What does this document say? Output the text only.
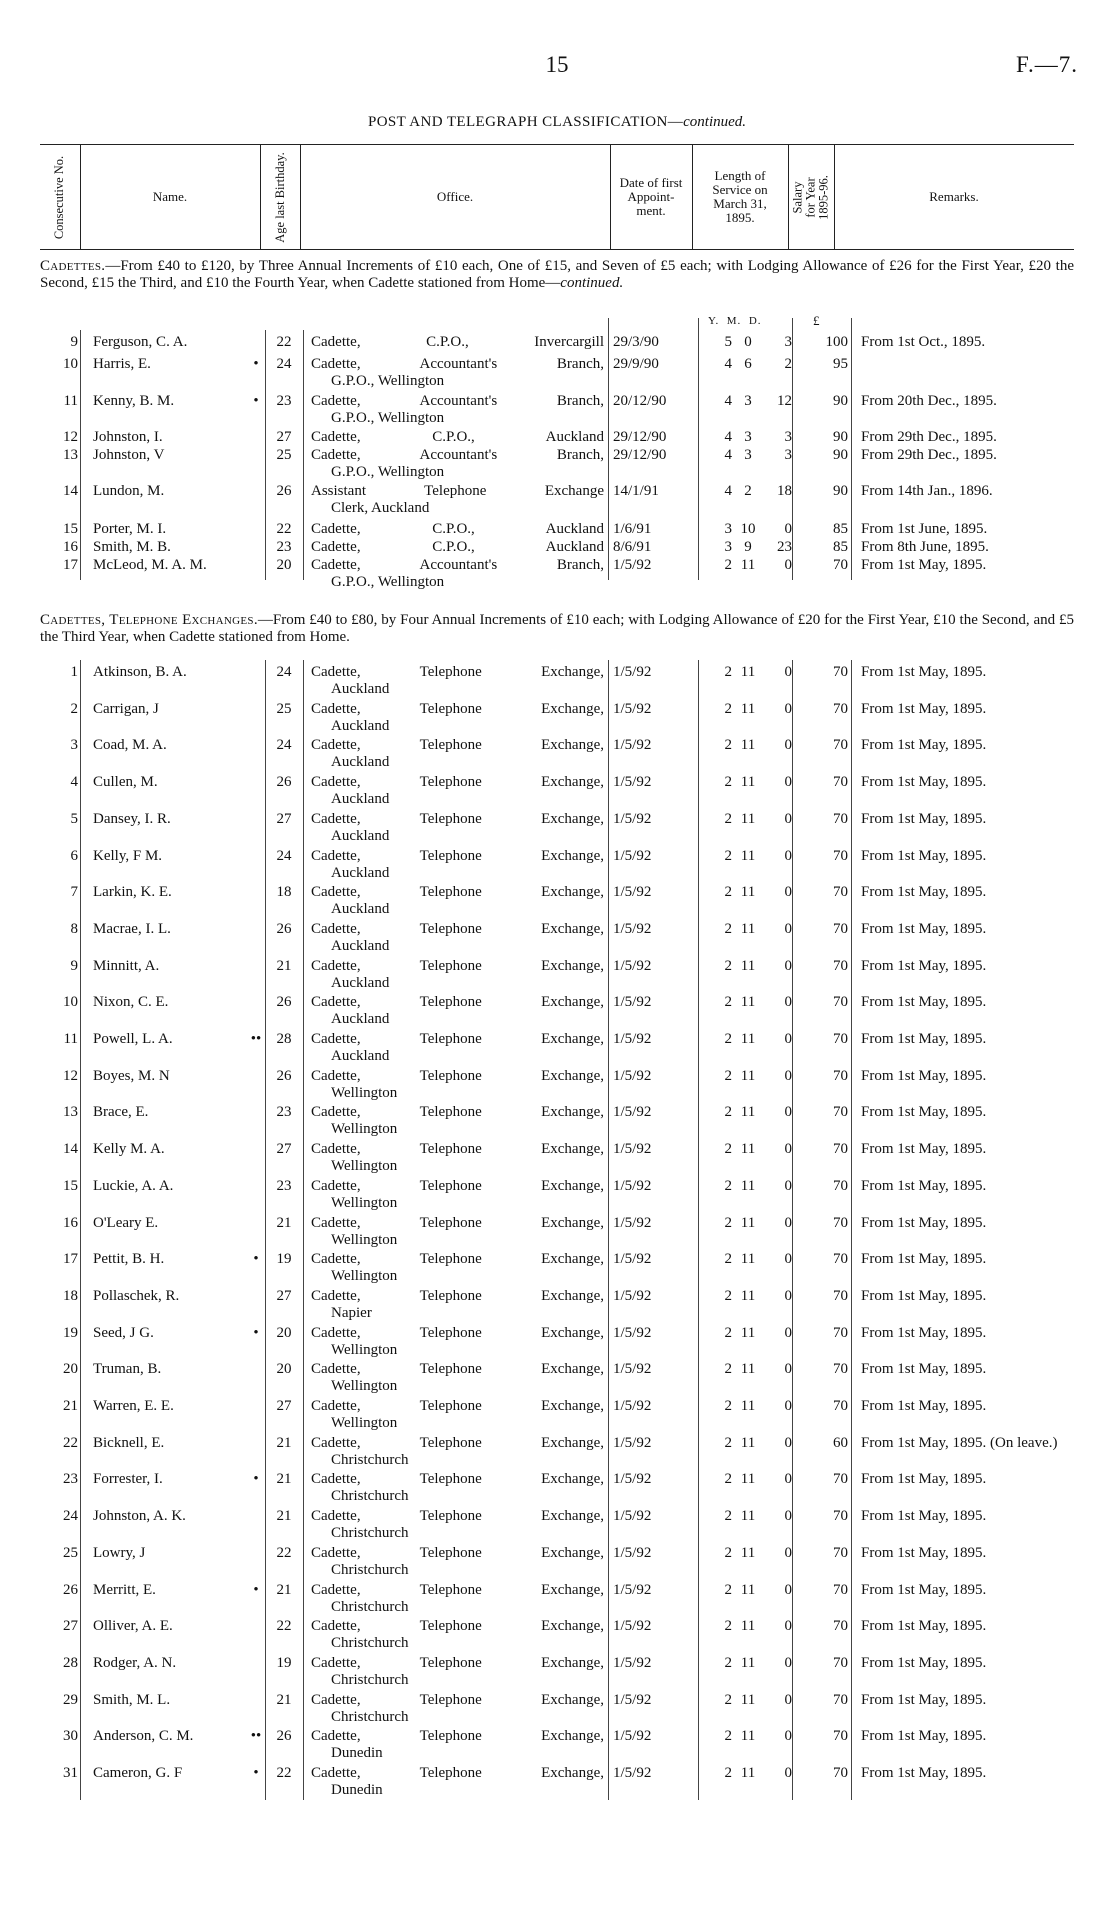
15	F.—7.
POST AND TELEGRAPH CLASSIFICATION—continued.
Consecutive No.	Name.	Age last Birthday.	Office.
Date of first Appoint-ment.
Length of Service on March 31, 1895.
Salary for Year 1895-96.	Remarks.
Cadettes.—From £40 to £120, by Three Annual Increments of £10 each, One of £15, and Seven of £5 each; with Lodging Allowance of £26 for the First Year, £20 the Second, £15 the Third, and £10 the Fourth Year, when Cadette stationed from Home—continued.
Y. M. D.	£
9 Ferguson, C. A.	22	Cadette, C.P.O., Invercargill 29/3/90	5 0	3	100 From 1st Oct., 1895.
10 Harris, E.	•	24	Cadette, Accountant's Branch, 29/9/90	4 6	2	95
G.P.O., Wellington
11 Kenny, B. M.	•	23	Cadette, Accountant's Branch, 20/12/90	4 3	12	90 From 20th Dec., 1895.
G.P.O., Wellington
12 Johnston, I.	27	Cadette, C.P.O., Auckland 29/12/90	4 3	3	90 From 29th Dec., 1895.
13 Johnston, V	25	Cadette, Accountant's Branch, 29/12/90	4 3	3	90 From 29th Dec., 1895.
G.P.O., Wellington
14 Lundon, M.	26	Assistant Telephone Exchange 14/1/91	4 2	18	90 From 14th Jan., 1896.
Clerk, Auckland
15 Porter, M. I.	22	Cadette, C.P.O., Auckland 1/6/91	3 10	0	85 From 1st June, 1895.
16 Smith, M. B.	23	Cadette, C.P.O., Auckland 8/6/91	3 9	23	85 From 8th June, 1895.
17 McLeod, M. A. M.	20	Cadette, Accountant's Branch, 1/5/92	2 11	0	70 From 1st May, 1895.
G.P.O., Wellington
Cadettes, Telephone Exchanges.—From £40 to £80, by Four Annual Increments of £10 each; with Lodging Allowance of £20 for the First Year, £10 the Second, and £5 the Third Year, when Cadette stationed from Home.
1 Atkinson, B. A.	24	Cadette, Telephone Exchange, 1/5/92	2 11	0	70 From 1st May, 1895.
Auckland
2 Carrigan, J	25	Cadette, Telephone Exchange, 1/5/92	2 11	0	70 From 1st May, 1895.
Auckland
3 Coad, M. A.	24	Cadette, Telephone Exchange, 1/5/92	2 11	0	70 From 1st May, 1895.
Auckland
4 Cullen, M.	26	Cadette, Telephone Exchange, 1/5/92	2 11	0	70 From 1st May, 1895.
Auckland
5 Dansey, I. R.	27	Cadette, Telephone Exchange, 1/5/92	2 11	0	70 From 1st May, 1895.
Auckland
6 Kelly, F M.	24	Cadette, Telephone Exchange, 1/5/92	2 11	0	70 From 1st May, 1895.
Auckland
7 Larkin, K. E.	18	Cadette, Telephone Exchange, 1/5/92	2 11	0	70 From 1st May, 1895.
Auckland
8 Macrae, I. L.	26	Cadette, Telephone Exchange, 1/5/92	2 11	0	70 From 1st May, 1895.
Auckland
9 Minnitt, A.	21	Cadette, Telephone Exchange, 1/5/92	2 11	0	70 From 1st May, 1895.
Auckland
10 Nixon, C. E.	26	Cadette, Telephone Exchange, 1/5/92	2 11	0	70 From 1st May, 1895.
Auckland
11 Powell, L. A.	••	28	Cadette, Telephone Exchange, 1/5/92	2 11	0	70 From 1st May, 1895.
Auckland
12 Boyes, M. N	26	Cadette, Telephone Exchange, 1/5/92	2 11	0	70 From 1st May, 1895.
Wellington
13 Brace, E.	23	Cadette, Telephone Exchange, 1/5/92	2 11	0	70 From 1st May, 1895.
Wellington
14 Kelly M. A.	27	Cadette, Telephone Exchange, 1/5/92	2 11	0	70 From 1st May, 1895.
Wellington
15 Luckie, A. A.	23	Cadette, Telephone Exchange, 1/5/92	2 11	0	70 From 1st May, 1895.
Wellington
16 O'Leary E.	21	Cadette, Telephone Exchange, 1/5/92	2 11	0	70 From 1st May, 1895.
Wellington
17 Pettit, B. H.	•	19	Cadette, Telephone Exchange, 1/5/92	2 11	0	70 From 1st May, 1895.
Wellington
18 Pollaschek, R.	27	Cadette, Telephone Exchange, 1/5/92	2 11	0	70 From 1st May, 1895.
Napier
19 Seed, J G.	•	20	Cadette, Telephone Exchange, 1/5/92	2 11	0	70 From 1st May, 1895.
Wellington
20 Truman, B.	20	Cadette, Telephone Exchange, 1/5/92	2 11	0	70 From 1st May, 1895.
Wellington
21 Warren, E. E.	27	Cadette, Telephone Exchange, 1/5/92	2 11	0	70 From 1st May, 1895.
Wellington
22 Bicknell, E.	21	Cadette, Telephone Exchange, 1/5/92	2 11	0	60 From 1st May, 1895. (On leave.)
Christchurch
23 Forrester, I.	•	21	Cadette, Telephone Exchange, 1/5/92	2 11	0	70 From 1st May, 1895.
Christchurch
24 Johnston, A. K.	21	Cadette, Telephone Exchange, 1/5/92	2 11	0	70 From 1st May, 1895.
Christchurch
25 Lowry, J	22	Cadette, Telephone Exchange, 1/5/92	2 11	0	70 From 1st May, 1895.
Christchurch
26 Merritt, E.	•	21	Cadette, Telephone Exchange, 1/5/92	2 11	0	70 From 1st May, 1895.
Christchurch
27 Olliver, A. E.	22	Cadette, Telephone Exchange, 1/5/92	2 11	0	70 From 1st May, 1895.
Christchurch
28 Rodger, A. N.	19	Cadette, Telephone Exchange, 1/5/92	2 11	0	70 From 1st May, 1895.
Christchurch
29 Smith, M. L.	21	Cadette, Telephone Exchange, 1/5/92	2 11	0	70 From 1st May, 1895.
Christchurch
30 Anderson, C. M.	••	26	Cadette, Telephone Exchange, 1/5/92	2 11	0	70 From 1st May, 1895.
Dunedin
31 Cameron, G. F	•	22	Cadette, Telephone Exchange, 1/5/92	2 11	0	70 From 1st May, 1895.
Dunedin
